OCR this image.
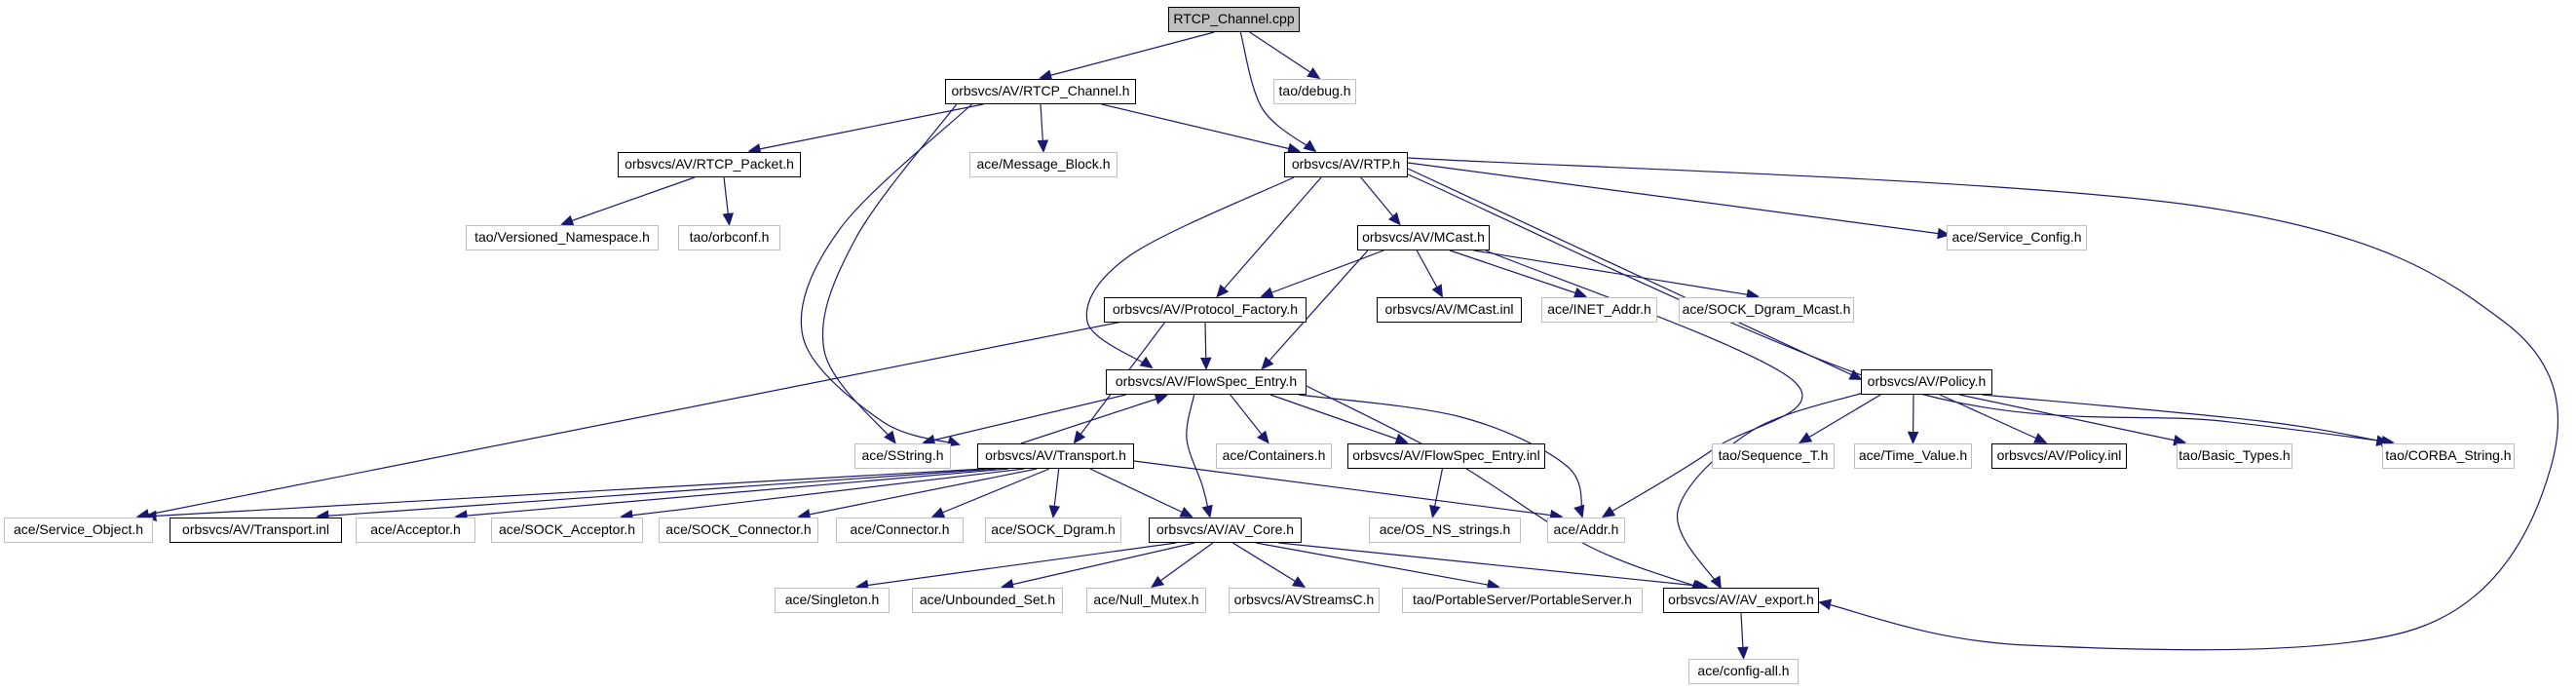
RTCP_Channel.cpp
orbsvcs/AV/RTCP_Channel.h	tao/debug.h
orbsvcs/AV/RTCP_Packet.h	ace/Message_Block.h	orbsvcs/AV/RTP.h
tao/Versioned_Namespace.h	tao/orbconf.h	orbsvcs/AV/MCast.h	ace/Service_Config.h
orbsvcs/AV/Protocol_Factory.h	orbsvcs/AV/MCast.inl	ace/INET_Addr.h	ace/SOCK_Dgram_Mcast.h
orbsvcs/AV/FlowSpec_Entry.h	orbsvcs/AV/Policy.h
ace/SString.h	orbsvcs/AV/Transport.h	ace/Containers.h	orbsvcs/AV/FlowSpec_Entry.inl	tao/Sequence_T.h	ace/Time_Value.h	orbsvcs/AV/Policy.inl	tao/Basic_Types.h	tao/CORBA_String.h
ace/Service_Object.h	orbsvcs/AV/Transport.inl	ace/Acceptor.h	ace/SOCK_Acceptor.h	ace/SOCK_Connector.h	ace/Connector.h	ace/SOCK_Dgram.h	orbsvcs/AV/AV_Core.h	ace/OS_NS_strings.h	ace/Addr.h
ace/Singleton.h	ace/Unbounded_Set.h	ace/Null_Mutex.h	orbsvcs/AVStreamsC.h	tao/PortableServer/PortableServer.h	orbsvcs/AV/AV_export.h
ace/config-all.h
